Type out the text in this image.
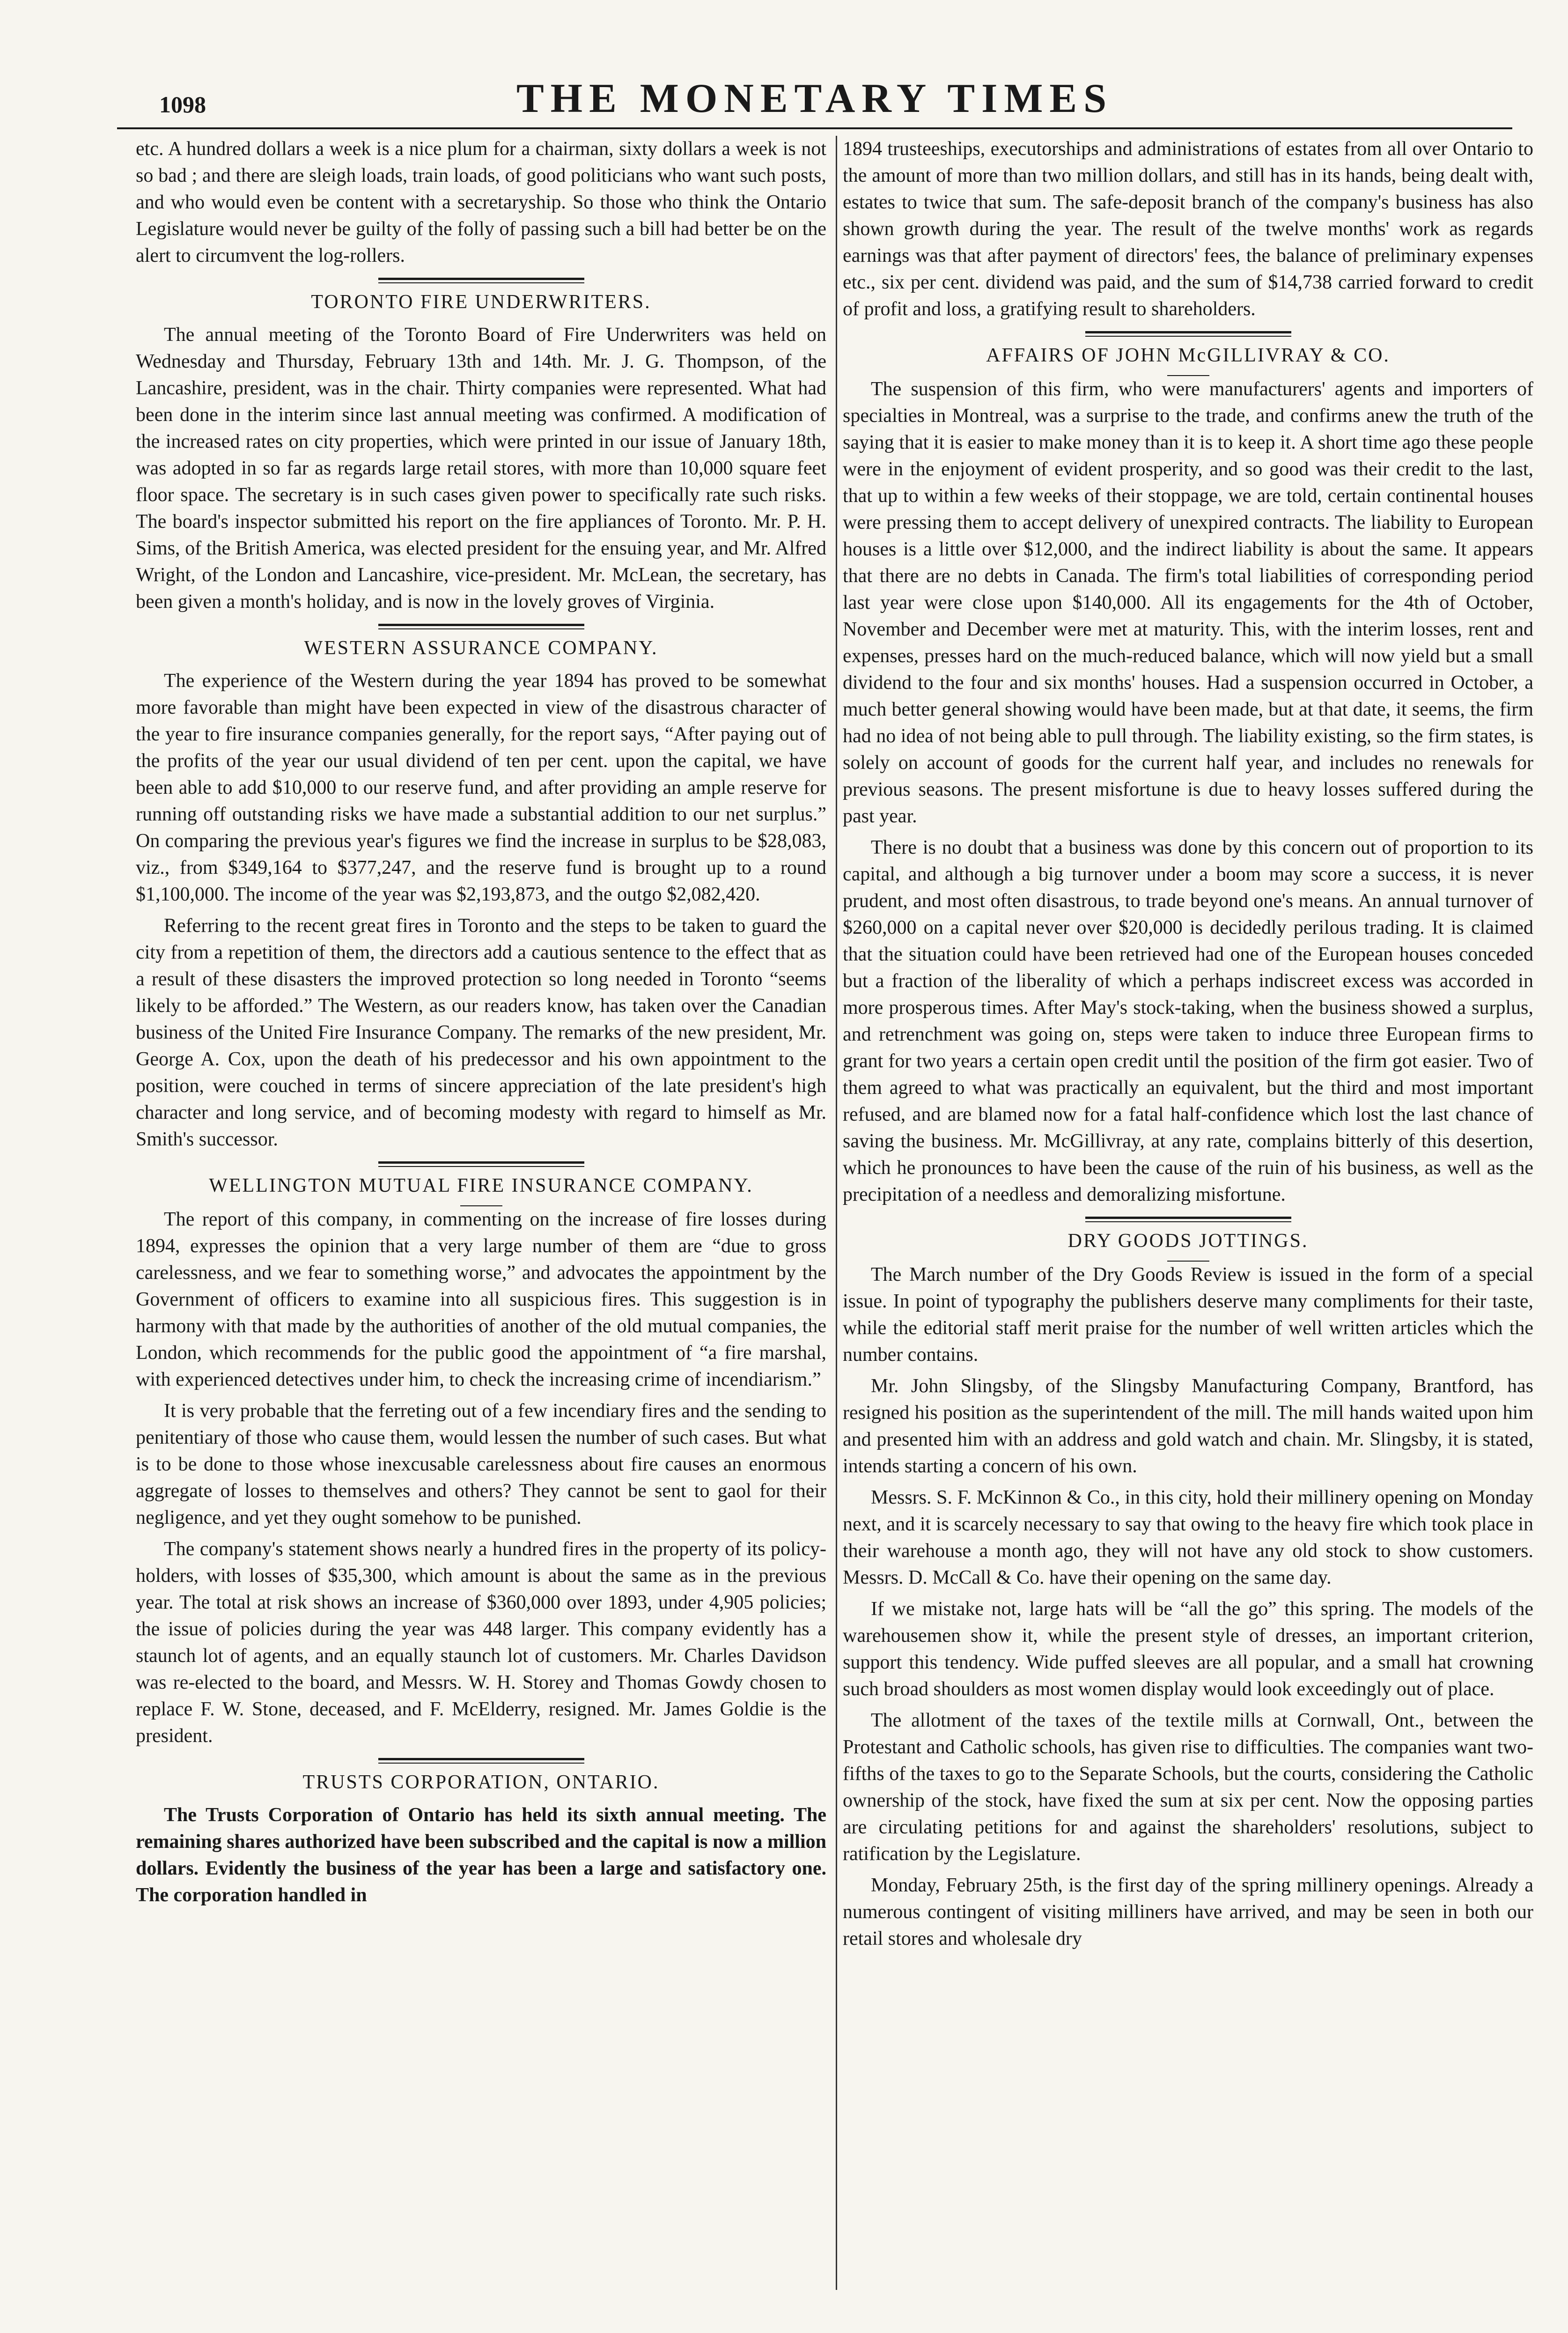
1098	THE MONETARY TIMES

etc. A hundred dollars a week is a nice plum for a chairman, sixty dollars a week is not so bad ; and there are sleigh loads, train loads, of good politicians who want such posts, and who would even be content with a secretaryship. So those who think the Ontario Legislature would never be guilty of the folly of passing such a bill had better be on the alert to circumvent the log-rollers.

TORONTO FIRE UNDERWRITERS.

The annual meeting of the Toronto Board of Fire Underwriters was held on Wednesday and Thursday, February 13th and 14th. Mr. J. G. Thompson, of the Lancashire, president, was in the chair. Thirty companies were represented. What had been done in the interim since last annual meeting was confirmed. A modification of the increased rates on city properties, which were printed in our issue of January 18th, was adopted in so far as regards large retail stores, with more than 10,000 square feet floor space. The secretary is in such cases given power to specifically rate such risks. The board's inspector submitted his report on the fire appliances of Toronto. Mr. P. H. Sims, of the British America, was elected president for the ensuing year, and Mr. Alfred Wright, of the London and Lancashire, vice-president. Mr. McLean, the secretary, has been given a month's holiday, and is now in the lovely groves of Virginia.

WESTERN ASSURANCE COMPANY.

The experience of the Western during the year 1894 has proved to be somewhat more favorable than might have been expected in view of the disastrous character of the year to fire insurance companies generally, for the report says, “After paying out of the profits of the year our usual dividend of ten per cent. upon the capital, we have been able to add $10,000 to our reserve fund, and after providing an ample reserve for running off outstanding risks we have made a substantial addition to our net surplus.” On comparing the previous year's figures we find the increase in surplus to be $28,083, viz., from $349,164 to $377,247, and the reserve fund is brought up to a round $1,100,000. The income of the year was $2,193,873, and the outgo $2,082,420.

Referring to the recent great fires in Toronto and the steps to be taken to guard the city from a repetition of them, the directors add a cautious sentence to the effect that as a result of these disasters the improved protection so long needed in Toronto “seems likely to be afforded.” The Western, as our readers know, has taken over the Canadian business of the United Fire Insurance Company. The remarks of the new president, Mr. George A. Cox, upon the death of his predecessor and his own appointment to the position, were couched in terms of sincere appreciation of the late president's high character and long service, and of becoming modesty with regard to himself as Mr. Smith's successor.

WELLINGTON MUTUAL FIRE INSURANCE COMPANY.

The report of this company, in commenting on the increase of fire losses during 1894, expresses the opinion that a very large number of them are “due to gross carelessness, and we fear to something worse,” and advocates the appointment by the Government of officers to examine into all suspicious fires. This suggestion is in harmony with that made by the authorities of another of the old mutual companies, the London, which recommends for the public good the appointment of “a fire marshal, with experienced detectives under him, to check the increasing crime of incendiarism.”

It is very probable that the ferreting out of a few incendiary fires and the sending to penitentiary of those who cause them, would lessen the number of such cases. But what is to be done to those whose inexcusable carelessness about fire causes an enormous aggregate of losses to themselves and others? They cannot be sent to gaol for their negligence, and yet they ought somehow to be punished.

The company's statement shows nearly a hundred fires in the property of its policy-holders, with losses of $35,300, which amount is about the same as in the previous year. The total at risk shows an increase of $360,000 over 1893, under 4,905 policies; the issue of policies during the year was 448 larger. This company evidently has a staunch lot of agents, and an equally staunch lot of customers. Mr. Charles Davidson was re-elected to the board, and Messrs. W. H. Storey and Thomas Gowdy chosen to replace F. W. Stone, deceased, and F. McElderry, resigned. Mr. James Goldie is the president.

TRUSTS CORPORATION, ONTARIO.

The Trusts Corporation of Ontario has held its sixth annual meeting. The remaining shares authorized have been subscribed and the capital is now a million dollars. Evidently the business of the year has been a large and satisfactory one. The corporation handled in

1894 trusteeships, executorships and administrations of estates from all over Ontario to the amount of more than two million dollars, and still has in its hands, being dealt with, estates to twice that sum. The safe-deposit branch of the company's business has also shown growth during the year. The result of the twelve months' work as regards earnings was that after payment of directors' fees, the balance of preliminary expenses etc., six per cent. dividend was paid, and the sum of $14,738 carried forward to credit of profit and loss, a gratifying result to shareholders.

AFFAIRS OF JOHN McGILLIVRAY & CO.

The suspension of this firm, who were manufacturers' agents and importers of specialties in Montreal, was a surprise to the trade, and confirms anew the truth of the saying that it is easier to make money than it is to keep it. A short time ago these people were in the enjoyment of evident prosperity, and so good was their credit to the last, that up to within a few weeks of their stoppage, we are told, certain continental houses were pressing them to accept delivery of unexpired contracts. The liability to European houses is a little over $12,000, and the indirect liability is about the same. It appears that there are no debts in Canada. The firm's total liabilities of corresponding period last year were close upon $140,000. All its engagements for the 4th of October, November and December were met at maturity. This, with the interim losses, rent and expenses, presses hard on the much-reduced balance, which will now yield but a small dividend to the four and six months' houses. Had a suspension occurred in October, a much better general showing would have been made, but at that date, it seems, the firm had no idea of not being able to pull through. The liability existing, so the firm states, is solely on account of goods for the current half year, and includes no renewals for previous seasons. The present misfortune is due to heavy losses suffered during the past year.

There is no doubt that a business was done by this concern out of proportion to its capital, and although a big turnover under a boom may score a success, it is never prudent, and most often disastrous, to trade beyond one's means. An annual turnover of $260,000 on a capital never over $20,000 is decidedly perilous trading. It is claimed that the situation could have been retrieved had one of the European houses conceded but a fraction of the liberality of which a perhaps indiscreet excess was accorded in more prosperous times. After May's stock-taking, when the business showed a surplus, and retrenchment was going on, steps were taken to induce three European firms to grant for two years a certain open credit until the position of the firm got easier. Two of them agreed to what was practically an equivalent, but the third and most important refused, and are blamed now for a fatal half-confidence which lost the last chance of saving the business. Mr. McGillivray, at any rate, complains bitterly of this desertion, which he pronounces to have been the cause of the ruin of his business, as well as the precipitation of a needless and demoralizing misfortune.

DRY GOODS JOTTINGS.

The March number of the Dry Goods Review is issued in the form of a special issue. In point of typography the publishers deserve many compliments for their taste, while the editorial staff merit praise for the number of well written articles which the number contains.

Mr. John Slingsby, of the Slingsby Manufacturing Company, Brantford, has resigned his position as the superintendent of the mill. The mill hands waited upon him and presented him with an address and gold watch and chain. Mr. Slingsby, it is stated, intends starting a concern of his own.

Messrs. S. F. McKinnon & Co., in this city, hold their millinery opening on Monday next, and it is scarcely necessary to say that owing to the heavy fire which took place in their warehouse a month ago, they will not have any old stock to show customers. Messrs. D. McCall & Co. have their opening on the same day.

If we mistake not, large hats will be “all the go” this spring. The models of the warehousemen show it, while the present style of dresses, an important criterion, support this tendency. Wide puffed sleeves are all popular, and a small hat crowning such broad shoulders as most women display would look exceedingly out of place.

The allotment of the taxes of the textile mills at Cornwall, Ont., between the Protestant and Catholic schools, has given rise to difficulties. The companies want two-fifths of the taxes to go to the Separate Schools, but the courts, considering the Catholic ownership of the stock, have fixed the sum at six per cent. Now the opposing parties are circulating petitions for and against the shareholders' resolutions, subject to ratification by the Legislature.

Monday, February 25th, is the first day of the spring millinery openings. Already a numerous contingent of visiting milliners have arrived, and may be seen in both our retail stores and wholesale dry
